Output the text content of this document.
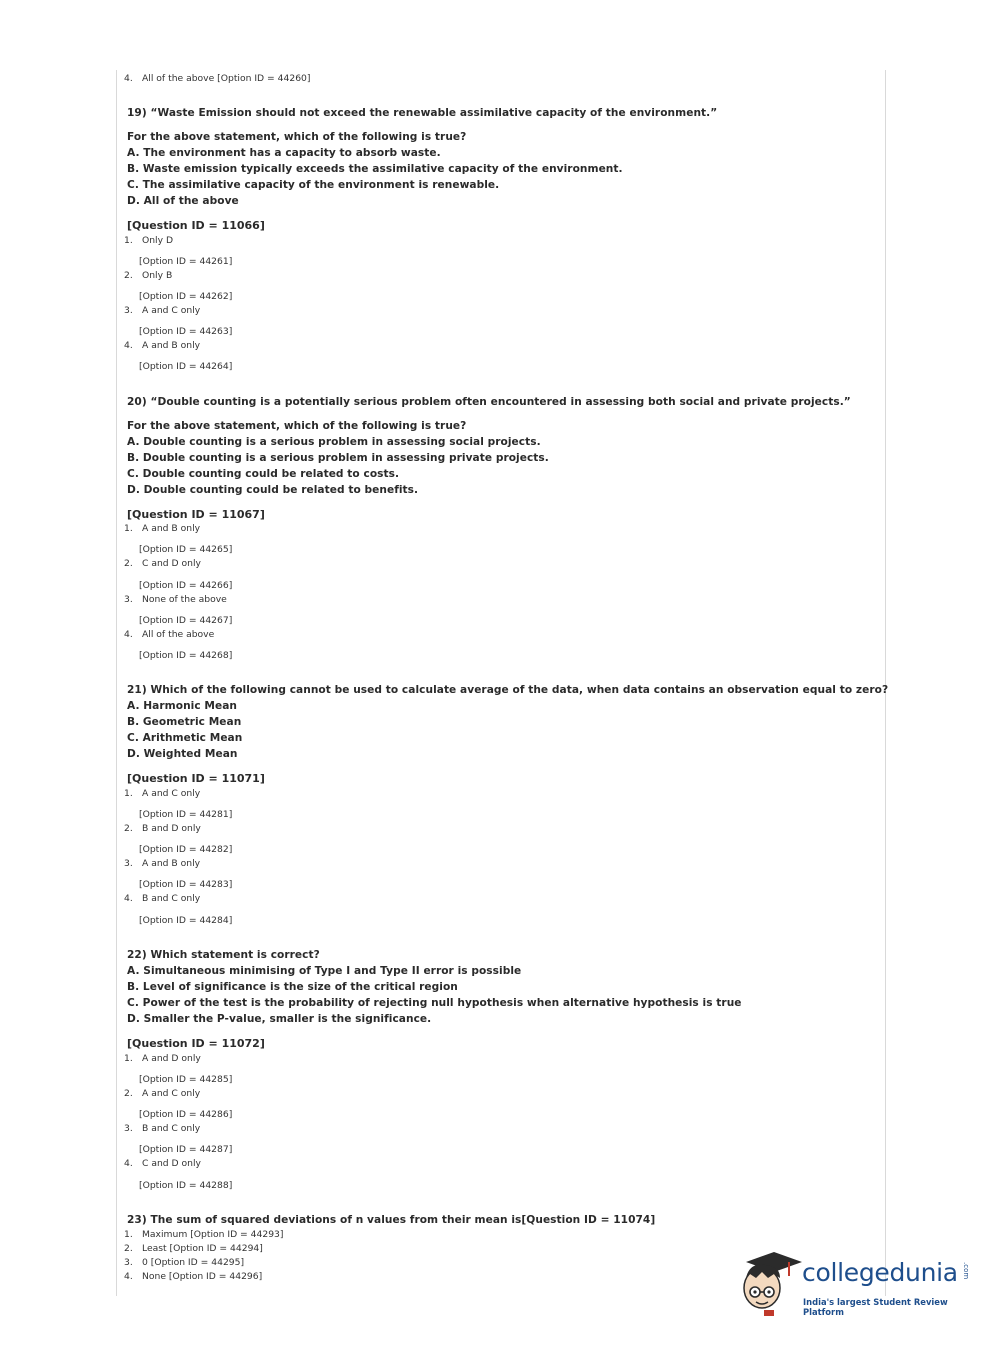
4. All of the above [Option ID = 44260]
19) “Waste Emission should not exceed the renewable assimilative capacity of the environment.”
For the above statement, which of the following is true?
A. The environment has a capacity to absorb waste.
B. Waste emission typically exceeds the assimilative capacity of the environment.
C. The assimilative capacity of the environment is renewable.
D. All of the above
[Question ID = 11066]
1. Only D
[Option ID = 44261]
2. Only B
[Option ID = 44262]
3. A and C only
[Option ID = 44263]
4. A and B only
[Option ID = 44264]
20) “Double counting is a potentially serious problem often encountered in assessing both social and private projects.”
For the above statement, which of the following is true?
A. Double counting is a serious problem in assessing social projects.
B. Double counting is a serious problem in assessing private projects.
C. Double counting could be related to costs.
D. Double counting could be related to benefits.
[Question ID = 11067]
1. A and B only
[Option ID = 44265]
2. C and D only
[Option ID = 44266]
3. None of the above
[Option ID = 44267]
4. All of the above
[Option ID = 44268]
21) Which of the following cannot be used to calculate average of the data, when data contains an observation equal to zero?
A. Harmonic Mean
B. Geometric Mean
C. Arithmetic Mean
D. Weighted Mean
[Question ID = 11071]
1. A and C only
[Option ID = 44281]
2. B and D only
[Option ID = 44282]
3. A and B only
[Option ID = 44283]
4. B and C only
[Option ID = 44284]
22) Which statement is correct?
A. Simultaneous minimising of Type I and Type II error is possible
B. Level of significance is the size of the critical region
C. Power of the test is the probability of rejecting null hypothesis when alternative hypothesis is true
D. Smaller the P-value, smaller is the significance.
[Question ID = 11072]
1. A and D only
[Option ID = 44285]
2. A and C only
[Option ID = 44286]
3. B and C only
[Option ID = 44287]
4. C and D only
[Option ID = 44288]
23) The sum of squared deviations of n values from their mean is[Question ID = 11074]
1. Maximum [Option ID = 44293]
2. Least [Option ID = 44294]
3. 0 [Option ID = 44295]
4. None [Option ID = 44296]	collegedunia .com
India's largest Student Review Platform
